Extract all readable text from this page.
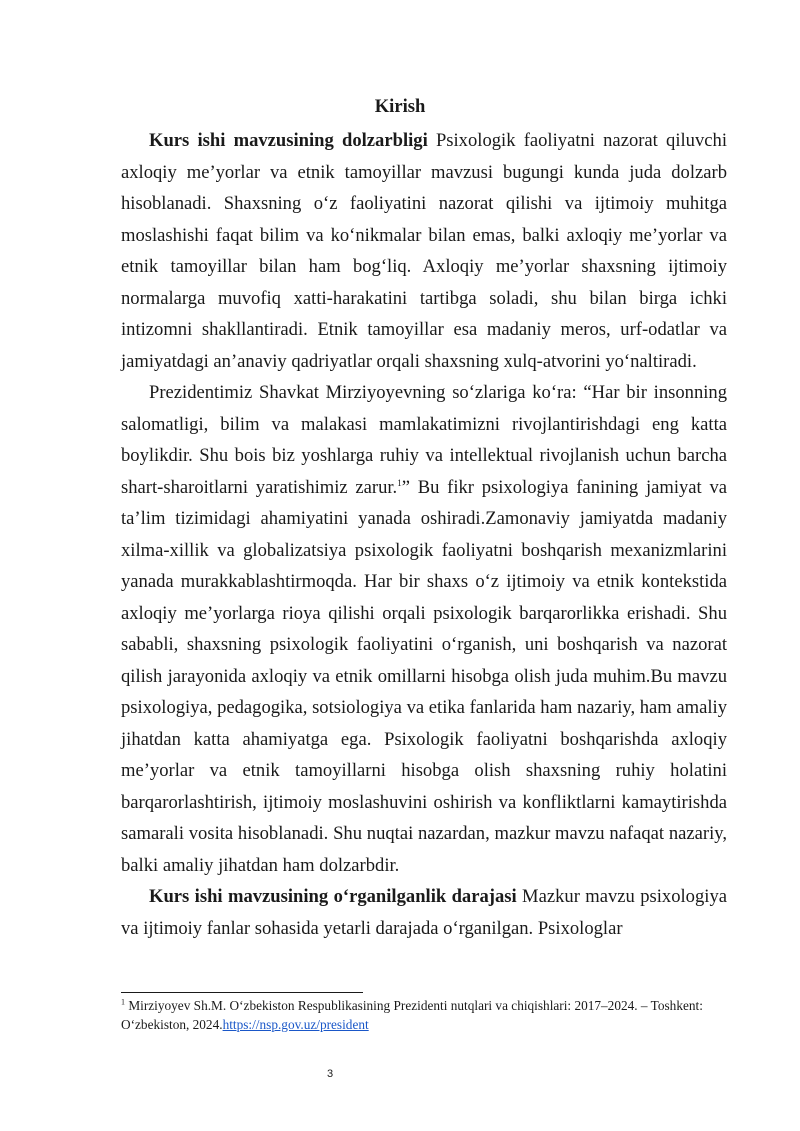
Kirish

Kurs ishi mavzusining dolzarbligi Psixologik faoliyatni nazorat qiluvchi axloqiy me’yorlar va etnik tamoyillar mavzusi bugungi kunda juda dolzarb hisoblanadi. Shaxsning o‘z faoliyatini nazorat qilishi va ijtimoiy muhitga moslashishi faqat bilim va ko‘nikmalar bilan emas, balki axloqiy me’yorlar va etnik tamoyillar bilan ham bog‘liq. Axloqiy me’yorlar shaxsning ijtimoiy normalarga muvofiq xatti-harakatini tartibga soladi, shu bilan birga ichki intizomni shakllantiradi. Etnik tamoyillar esa madaniy meros, urf-odatlar va jamiyatdagi an’anaviy qadriyatlar orqali shaxsning xulq-atvorini yo‘naltiradi.

Prezidentimiz Shavkat Mirziyoyevning so‘zlariga ko‘ra: “Har bir insonning salomatligi, bilim va malakasi mamlakatimizni rivojlantirishdagi eng katta boylikdir. Shu bois biz yoshlarga ruhiy va intellektual rivojlanish uchun barcha shart-sharoitlarni yaratishimiz zarur.$^1$” Bu fikr psixologiya fanining jamiyat va ta’lim tizimidagi ahamiyatini yanada oshiradi.Zamonaviy jamiyatda madaniy xilma-xillik va globalizatsiya psixologik faoliyatni boshqarish mexanizmlarini yanada murakkablashtirmoqda. Har bir shaxs o‘z ijtimoiy va etnik kontekstida axloqiy me’yorlarga rioya qilishi orqali psixologik barqarorlikka erishadi. Shu sababli, shaxsning psixologik faoliyatini o‘rganish, uni boshqarish va nazorat qilish jarayonida axloqiy va etnik omillarni hisobga olish juda muhim.Bu mavzu psixologiya, pedagogika, sotsiologiya va etika fanlarida ham nazariy, ham amaliy jihatdan katta ahamiyatga ega. Psixologik faoliyatni boshqarishda axloqiy me’yorlar va etnik tamoyillarni hisobga olish shaxsning ruhiy holatini barqarorlashtirish, ijtimoiy moslashuvini oshirish va konfliktlarni kamaytirishda samarali vosita hisoblanadi. Shu nuqtai nazardan, mazkur mavzu nafaqat nazariy, balki amaliy jihatdan ham dolzarbdir.

Kurs ishi mavzusining o‘rganilganlik darajasi Mazkur mavzu psixologiya va ijtimoiy fanlar sohasida yetarli darajada o‘rganilgan. Psixologlar

$^1$ Mirziyoyev Sh.M. O‘zbekiston Respublikasining Prezidenti nutqlari va chiqishlari: 2017–2024. – Toshkent: O‘zbekiston, 2024.https://nsp.gov.uz/president
3
